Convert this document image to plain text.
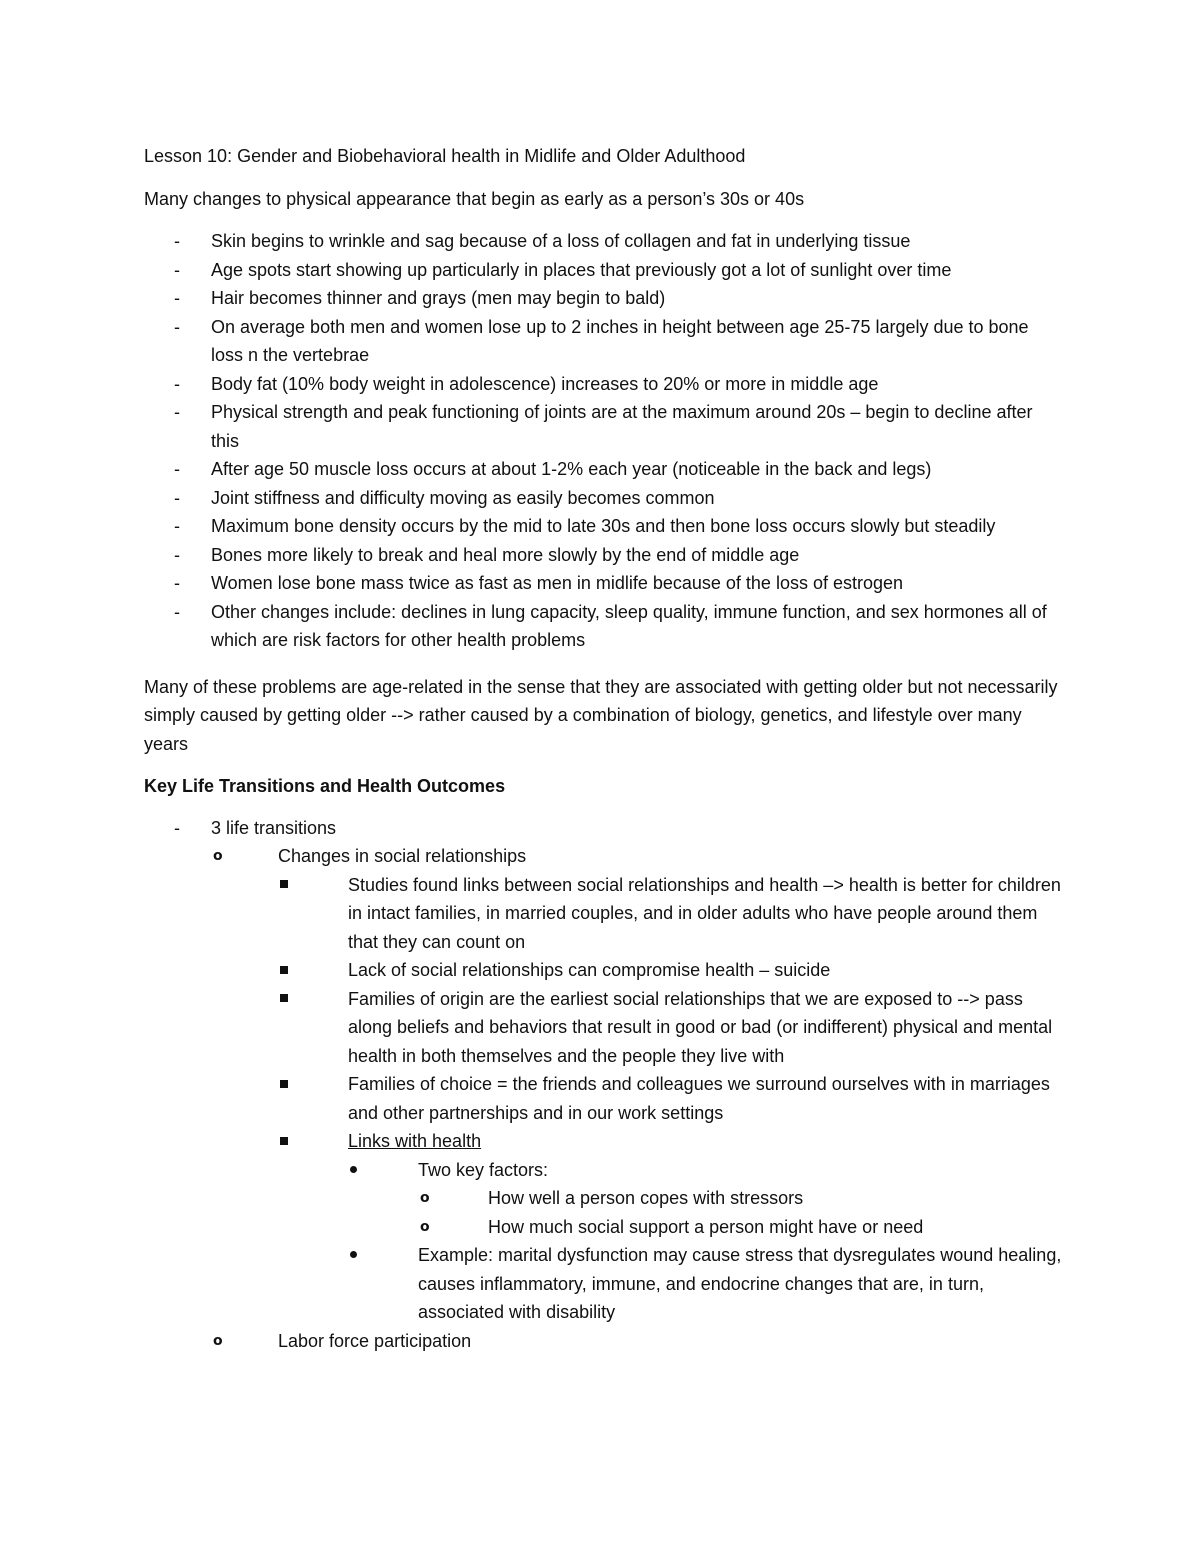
Lesson 10: Gender and Biobehavioral health in Midlife and Older Adulthood

Many changes to physical appearance that begin as early as a person’s 30s or 40s

-	Skin begins to wrinkle and sag because of a loss of collagen and fat in underlying tissue
-	Age spots start showing up particularly in places that previously got a lot of sunlight over time
-	Hair becomes thinner and grays (men may begin to bald)
-	On average both men and women lose up to 2 inches in height between age 25-75 largely due to bone loss n the vertebrae
-	Body fat (10% body weight in adolescence) increases to 20% or more in middle age
-	Physical strength and peak functioning of joints are at the maximum around 20s – begin to decline after this
-	After age 50 muscle loss occurs at about 1-2% each year (noticeable in the back and legs)
-	Joint stiffness and difficulty moving as easily becomes common
-	Maximum bone density occurs by the mid to late 30s and then bone loss occurs slowly but steadily
-	Bones more likely to break and heal more slowly by the end of middle age
-	Women lose bone mass twice as fast as men in midlife because of the loss of estrogen
-	Other changes include: declines in lung capacity, sleep quality, immune function, and sex hormones all of which are risk factors for other health problems

Many of these problems are age-related in the sense that they are associated with getting older but not necessarily simply caused by getting older --> rather caused by a combination of biology, genetics, and lifestyle over many years

Key Life Transitions and Health Outcomes

-	3 life transitions
o	Changes in social relationships
Studies found links between social relationships and health –> health is better for children in intact families, in married couples, and in older adults who have people around them that they can count on
Lack of social relationships can compromise health – suicide
Families of origin are the earliest social relationships that we are exposed to --> pass along beliefs and behaviors that result in good or bad (or indifferent) physical and mental health in both themselves and the people they live with
Families of choice = the friends and colleagues we surround ourselves with in marriages and other partnerships and in our work settings
Links with health
Two key factors:
o	How well a person copes with stressors
o	How much social support a person might have or need
Example: marital dysfunction may cause stress that dysregulates wound healing, causes inflammatory, immune, and endocrine changes that are, in turn, associated with disability
o	Labor force participation
